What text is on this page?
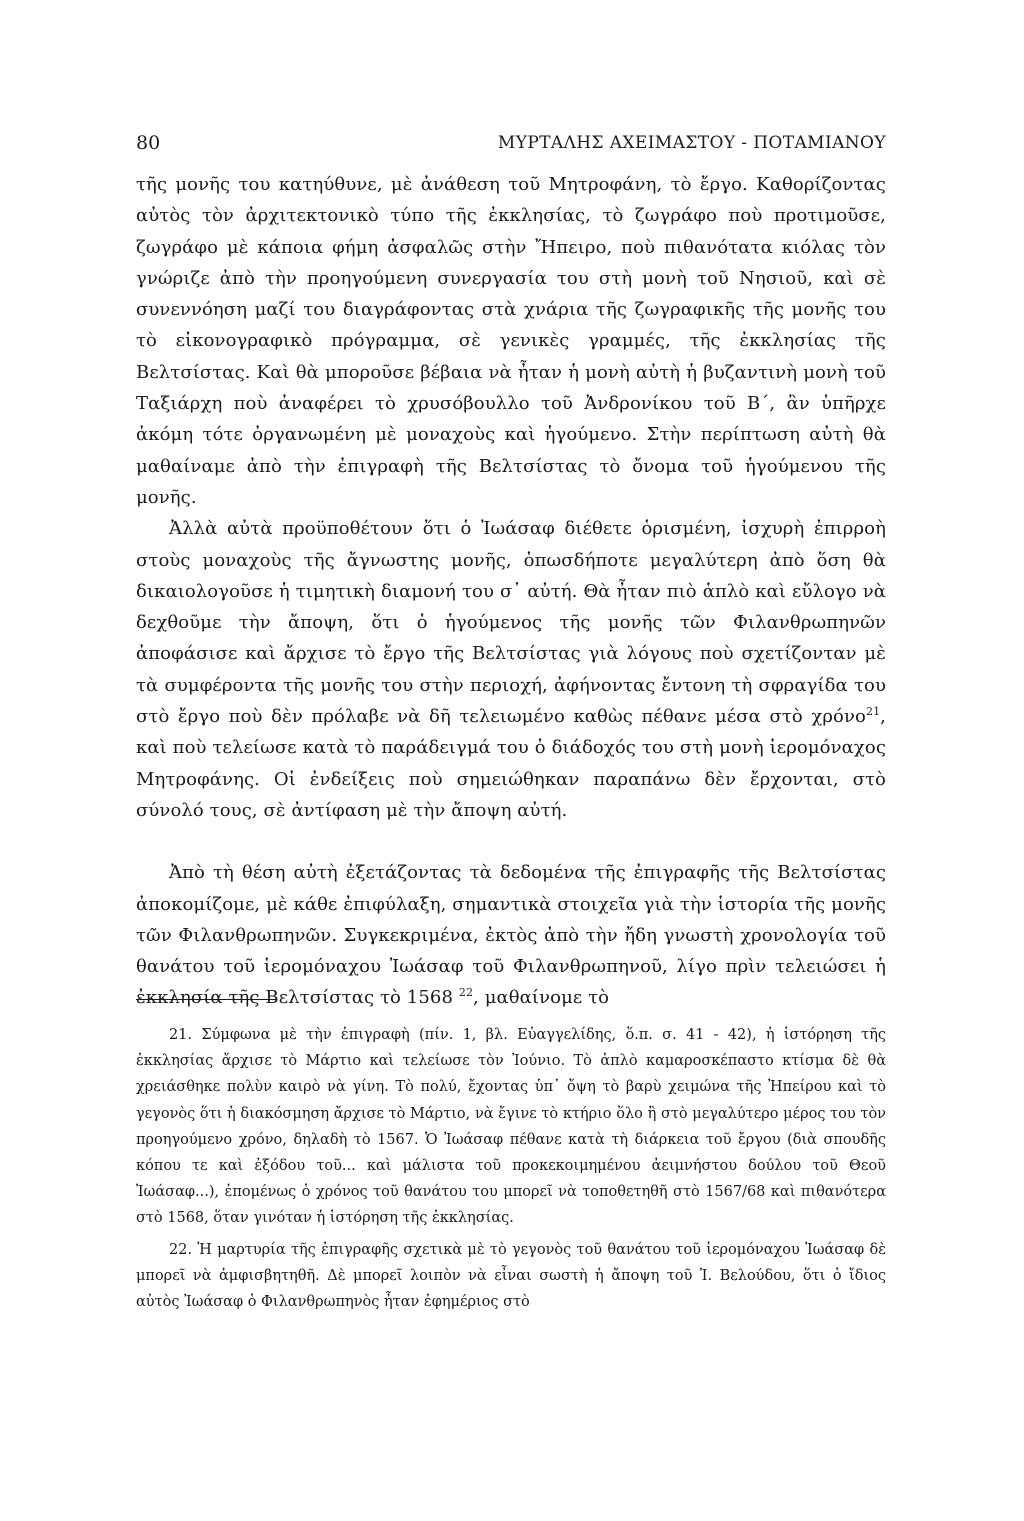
80	ΜΥΡΤΑΛΗΣ ΑΧΕΙΜΑΣΤΟΥ - ΠΟΤΑΜΙΑΝΟΥ

τῆς μονῆς του κατηύθυνε, μὲ ἀνάθεση τοῦ Μητροφάνη, τὸ ἔργο. Καθορίζοντας αὐτὸς τὸν ἀρχιτεκτονικὸ τύπο τῆς ἐκκλησίας, τὸ ζωγράφο ποὺ προτιμοῦσε, ζωγράφο μὲ κάποια φήμη ἀσφαλῶς στὴν Ἤπειρο, ποὺ πιθανότατα κιόλας τὸν γνώριζε ἀπὸ τὴν προηγούμενη συνεργασία του στὴ μονὴ τοῦ Νησιοῦ, καὶ σὲ συνεννόηση μαζί του διαγράφοντας στὰ χνάρια τῆς ζωγραφικῆς τῆς μονῆς του τὸ εἰκονογραφικὸ πρόγραμμα, σὲ γενικὲς γραμμές, τῆς ἐκκλησίας τῆς Βελτσίστας. Καὶ θὰ μποροῦσε βέβαια νὰ ἦταν ἡ μονὴ αὐτὴ ἡ βυζαντινὴ μονὴ τοῦ Ταξιάρχη ποὺ ἀναφέρει τὸ χρυσόβουλλο τοῦ Ἀνδρονίκου τοῦ Β΄, ἂν ὑπῆρχε ἀκόμη τότε ὀργανωμένη μὲ μοναχοὺς καὶ ἡγούμενο. Στὴν περίπτωση αὐτὴ θὰ μαθαίναμε ἀπὸ τὴν ἐπιγραφὴ τῆς Βελτσίστας τὸ ὄνομα τοῦ ἡγούμενου τῆς μονῆς.

Ἀλλὰ αὐτὰ προϋποθέτουν ὅτι ὁ Ἰωάσαφ διέθετε ὁρισμένη, ἰσχυρὴ ἐπιρροὴ στοὺς μοναχοὺς τῆς ἄγνωστης μονῆς, ὁπωσδήποτε μεγαλύτερη ἀπὸ ὅση θὰ δικαιολογοῦσε ἡ τιμητικὴ διαμονή του σ᾽ αὐτή. Θὰ ἦταν πιὸ ἁπλὸ καὶ εὔλογο νὰ δεχθοῦμε τὴν ἄποψη, ὅτι ὁ ἡγούμενος τῆς μονῆς τῶν Φιλανθρωπηνῶν ἀποφάσισε καὶ ἄρχισε τὸ ἔργο τῆς Βελτσίστας γιὰ λόγους ποὺ σχετίζονταν μὲ τὰ συμφέροντα τῆς μονῆς του στὴν περιοχή, ἀφήνοντας ἔντονη τὴ σφραγίδα του στὸ ἔργο ποὺ δὲν πρόλαβε νὰ δῆ τελειωμένο καθὼς πέθανε μέσα στὸ χρόνο$^{21}$, καὶ ποὺ τελείωσε κατὰ τὸ παράδειγμά του ὁ διάδοχός του στὴ μονὴ ἱερομόναχος Μητροφάνης. Οἱ ἐνδείξεις ποὺ σημειώθηκαν παραπάνω δὲν ἔρχονται, στὸ σύνολό τους, σὲ ἀντίφαση μὲ τὴν ἄποψη αὐτή.

Ἀπὸ τὴ θέση αὐτὴ ἐξετάζοντας τὰ δεδομένα τῆς ἐπιγραφῆς τῆς Βελτσίστας ἀποκομίζομε, μὲ κάθε ἐπιφύλαξη, σημαντικὰ στοιχεῖα γιὰ τὴν ἱστορία τῆς μονῆς τῶν Φιλανθρωπηνῶν. Συγκεκριμένα, ἐκτὸς ἀπὸ τὴν ἤδη γνωστὴ χρονολογία τοῦ θανάτου τοῦ ἱερομόναχου Ἰωάσαφ τοῦ Φιλανθρωπηνοῦ, λίγο πρὶν τελειώσει ἡ ἐκκλησία τῆς Βελτσίστας τὸ 1568 $^{22}$, μαθαίνομε τὸ

21. Σύμφωνα μὲ τὴν ἐπιγραφὴ (πίν. 1, βλ. Εὐαγγελίδης, ὅ.π. σ. 41 - 42), ἡ ἱστόρηση τῆς ἐκκλησίας ἄρχισε τὸ Μάρτιο καὶ τελείωσε τὸν Ἰούνιο. Τὸ ἁπλὸ καμαροσκέπαστο κτίσμα δὲ θὰ χρειάσθηκε πολὺν καιρὸ νὰ γίνη. Τὸ πολύ, ἔχοντας ὑπ᾽ ὄψη τὸ βαρὺ χειμώνα τῆς Ἠπείρου καὶ τὸ γεγονὸς ὅτι ἡ διακόσμηση ἄρχισε τὸ Μάρτιο, νὰ ἔγινε τὸ κτήριο ὅλο ἢ στὸ μεγαλύτερο μέρος του τὸν προηγούμενο χρόνο, δηλαδὴ τὸ 1567. Ὁ Ἰωάσαφ πέθανε κατὰ τὴ διάρκεια τοῦ ἔργου (διὰ σπουδῆς κόπου τε καὶ ἐξόδου τοῦ... καὶ μάλιστα τοῦ προκεκοιμημένου ἀειμνήστου δούλου τοῦ Θεοῦ Ἰωάσαφ...), ἐπομένως ὁ χρόνος τοῦ θανάτου του μπορεῖ νὰ τοποθετηθῆ στὸ 1567/68 καὶ πιθανότερα στὸ 1568, ὅταν γινόταν ἡ ἱστόρηση τῆς ἐκκλησίας.

22. Ἡ μαρτυρία τῆς ἐπιγραφῆς σχετικὰ μὲ τὸ γεγονὸς τοῦ θανάτου τοῦ ἱερομόναχου Ἰωάσαφ δὲ μπορεῖ νὰ ἀμφισβητηθῆ. Δὲ μπορεῖ λοιπὸν νὰ εἶναι σωστὴ ἡ ἄποψη τοῦ Ἰ. Βελούδου, ὅτι ὁ ἴδιος αὐτὸς Ἰωάσαφ ὁ Φιλανθρωπηνὸς ἦταν ἐφημέριος στὸ
